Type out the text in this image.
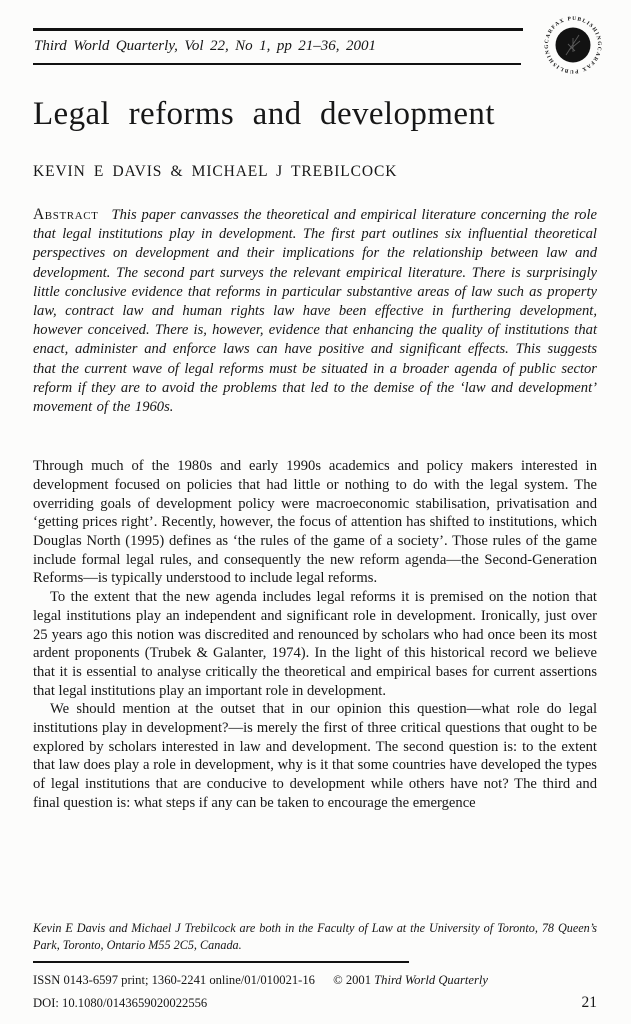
Third World Quarterly, Vol 22, No 1, pp 21–36, 2001	CARFAX PUBLISHING CARFAX PUBLISHING
Legal reforms and development
KEVIN E DAVIS & MICHAEL J TREBILCOCK

Abstract This paper canvasses the theoretical and empirical literature concerning the role that legal institutions play in development. The first part outlines six influential theoretical perspectives on development and their implications for the relationship between law and development. The second part surveys the relevant empirical literature. There is surprisingly little conclusive evidence that reforms in particular substantive areas of law such as property law, contract law and human rights law have been effective in furthering development, however conceived. There is, however, evidence that enhancing the quality of institutions that enact, administer and enforce laws can have positive and significant effects. This suggests that the current wave of legal reforms must be situated in a broader agenda of public sector reform if they are to avoid the problems that led to the demise of the ‘law and development’ movement of the 1960s.

Through much of the 1980s and early 1990s academics and policy makers interested in development focused on policies that had little or nothing to do with the legal system. The overriding goals of development policy were macroeconomic stabilisation, privatisation and ‘getting prices right’. Recently, however, the focus of attention has shifted to institutions, which Douglas North (1995) defines as ‘the rules of the game of a society’. Those rules of the game include formal legal rules, and consequently the new reform agenda—the Second-Generation Reforms—is typically understood to include legal reforms.

To the extent that the new agenda includes legal reforms it is premised on the notion that legal institutions play an independent and significant role in development. Ironically, just over 25 years ago this notion was discredited and renounced by scholars who had once been its most ardent proponents (Trubek & Galanter, 1974). In the light of this historical record we believe that it is essential to analyse critically the theoretical and empirical bases for current assertions that legal institutions play an important role in development.

We should mention at the outset that in our opinion this question—what role do legal institutions play in development?—is merely the first of three critical questions that ought to be explored by scholars interested in law and development. The second question is: to the extent that law does play a role in development, why is it that some countries have developed the types of legal institutions that are conducive to development while others have not? The third and final question is: what steps if any can be taken to encourage the emergence

Kevin E Davis and Michael J Trebilcock are both in the Faculty of Law at the University of Toronto, 78 Queen’s Park, Toronto, Ontario M55 2C5, Canada.

ISSN 0143-6597 print; 1360-2241 online/01/010021-16 © 2001 Third World Quarterly
DOI: 10.1080/0143659020022556	21
